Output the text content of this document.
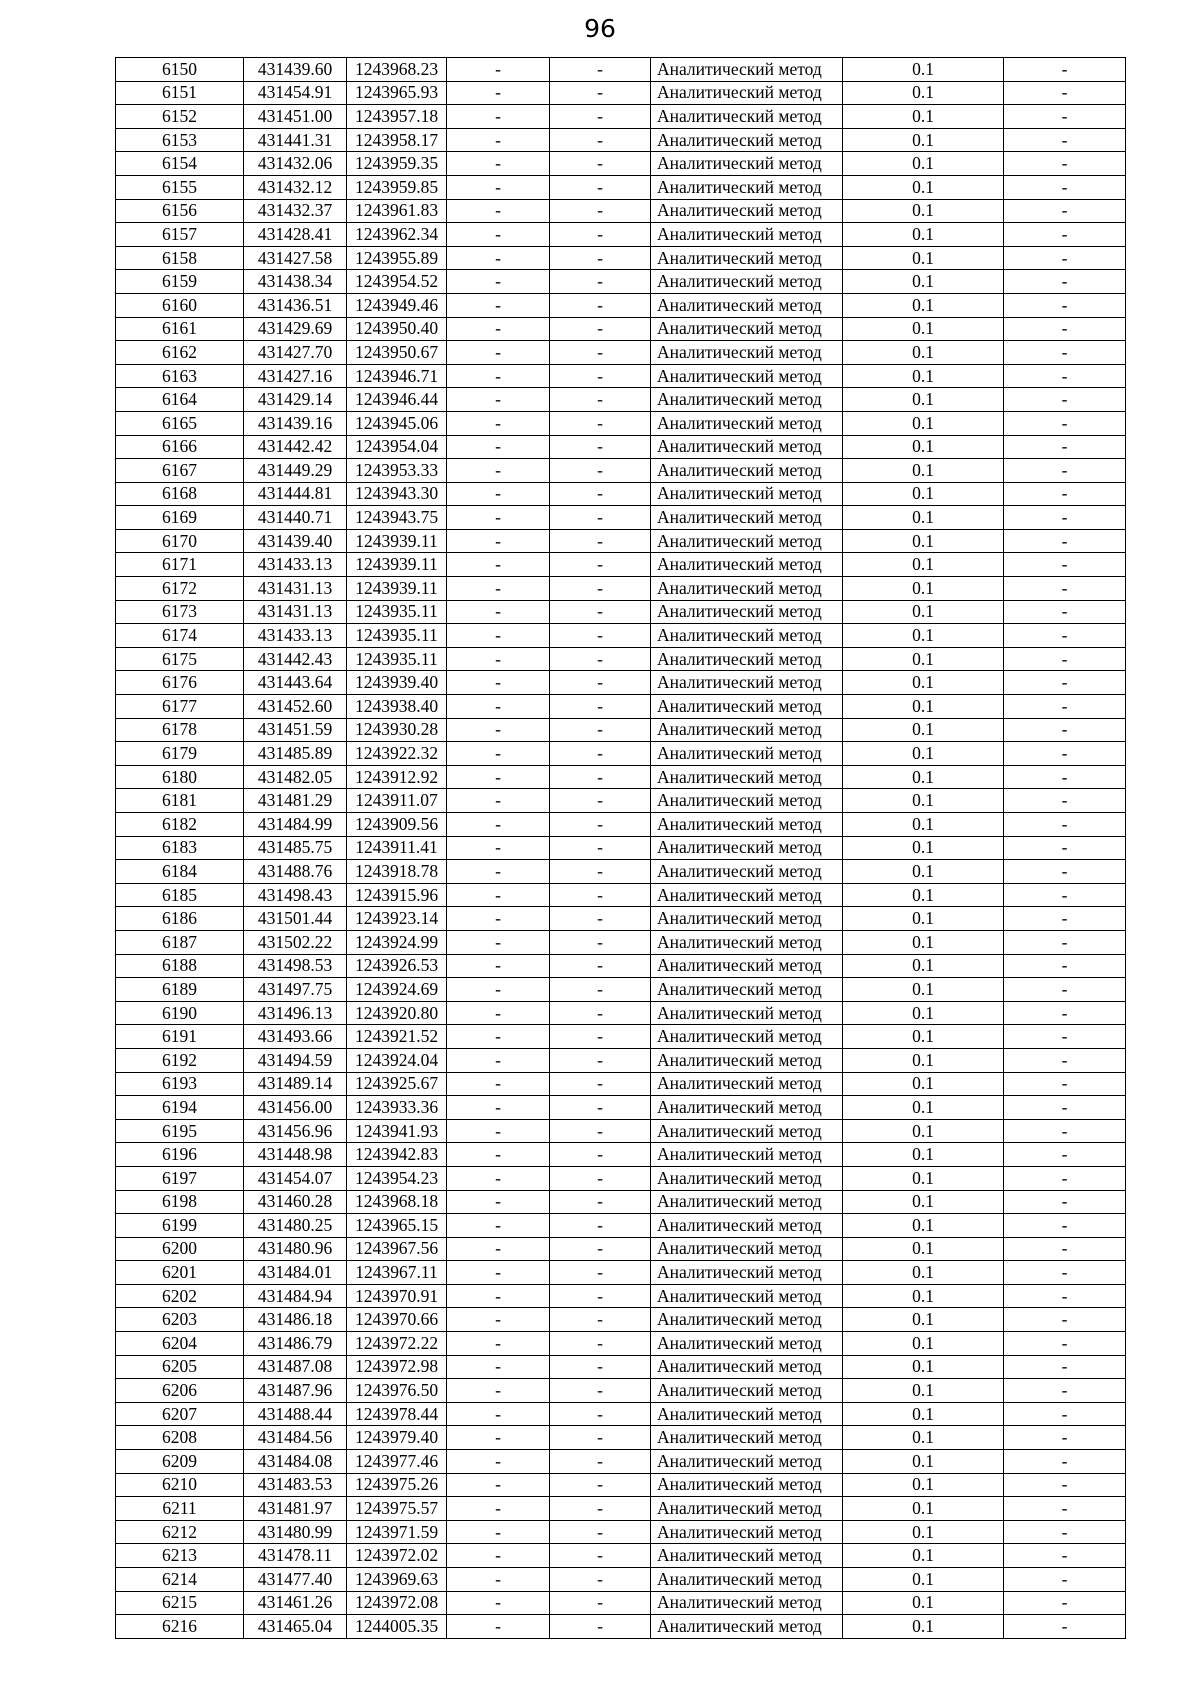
96
6150	431439.60	1243968.23	-	-	Аналитический метод	0.1	-
6151	431454.91	1243965.93	-	-	Аналитический метод	0.1	-
6152	431451.00	1243957.18	-	-	Аналитический метод	0.1	-
6153	431441.31	1243958.17	-	-	Аналитический метод	0.1	-
6154	431432.06	1243959.35	-	-	Аналитический метод	0.1	-
6155	431432.12	1243959.85	-	-	Аналитический метод	0.1	-
6156	431432.37	1243961.83	-	-	Аналитический метод	0.1	-
6157	431428.41	1243962.34	-	-	Аналитический метод	0.1	-
6158	431427.58	1243955.89	-	-	Аналитический метод	0.1	-
6159	431438.34	1243954.52	-	-	Аналитический метод	0.1	-
6160	431436.51	1243949.46	-	-	Аналитический метод	0.1	-
6161	431429.69	1243950.40	-	-	Аналитический метод	0.1	-
6162	431427.70	1243950.67	-	-	Аналитический метод	0.1	-
6163	431427.16	1243946.71	-	-	Аналитический метод	0.1	-
6164	431429.14	1243946.44	-	-	Аналитический метод	0.1	-
6165	431439.16	1243945.06	-	-	Аналитический метод	0.1	-
6166	431442.42	1243954.04	-	-	Аналитический метод	0.1	-
6167	431449.29	1243953.33	-	-	Аналитический метод	0.1	-
6168	431444.81	1243943.30	-	-	Аналитический метод	0.1	-
6169	431440.71	1243943.75	-	-	Аналитический метод	0.1	-
6170	431439.40	1243939.11	-	-	Аналитический метод	0.1	-
6171	431433.13	1243939.11	-	-	Аналитический метод	0.1	-
6172	431431.13	1243939.11	-	-	Аналитический метод	0.1	-
6173	431431.13	1243935.11	-	-	Аналитический метод	0.1	-
6174	431433.13	1243935.11	-	-	Аналитический метод	0.1	-
6175	431442.43	1243935.11	-	-	Аналитический метод	0.1	-
6176	431443.64	1243939.40	-	-	Аналитический метод	0.1	-
6177	431452.60	1243938.40	-	-	Аналитический метод	0.1	-
6178	431451.59	1243930.28	-	-	Аналитический метод	0.1	-
6179	431485.89	1243922.32	-	-	Аналитический метод	0.1	-
6180	431482.05	1243912.92	-	-	Аналитический метод	0.1	-
6181	431481.29	1243911.07	-	-	Аналитический метод	0.1	-
6182	431484.99	1243909.56	-	-	Аналитический метод	0.1	-
6183	431485.75	1243911.41	-	-	Аналитический метод	0.1	-
6184	431488.76	1243918.78	-	-	Аналитический метод	0.1	-
6185	431498.43	1243915.96	-	-	Аналитический метод	0.1	-
6186	431501.44	1243923.14	-	-	Аналитический метод	0.1	-
6187	431502.22	1243924.99	-	-	Аналитический метод	0.1	-
6188	431498.53	1243926.53	-	-	Аналитический метод	0.1	-
6189	431497.75	1243924.69	-	-	Аналитический метод	0.1	-
6190	431496.13	1243920.80	-	-	Аналитический метод	0.1	-
6191	431493.66	1243921.52	-	-	Аналитический метод	0.1	-
6192	431494.59	1243924.04	-	-	Аналитический метод	0.1	-
6193	431489.14	1243925.67	-	-	Аналитический метод	0.1	-
6194	431456.00	1243933.36	-	-	Аналитический метод	0.1	-
6195	431456.96	1243941.93	-	-	Аналитический метод	0.1	-
6196	431448.98	1243942.83	-	-	Аналитический метод	0.1	-
6197	431454.07	1243954.23	-	-	Аналитический метод	0.1	-
6198	431460.28	1243968.18	-	-	Аналитический метод	0.1	-
6199	431480.25	1243965.15	-	-	Аналитический метод	0.1	-
6200	431480.96	1243967.56	-	-	Аналитический метод	0.1	-
6201	431484.01	1243967.11	-	-	Аналитический метод	0.1	-
6202	431484.94	1243970.91	-	-	Аналитический метод	0.1	-
6203	431486.18	1243970.66	-	-	Аналитический метод	0.1	-
6204	431486.79	1243972.22	-	-	Аналитический метод	0.1	-
6205	431487.08	1243972.98	-	-	Аналитический метод	0.1	-
6206	431487.96	1243976.50	-	-	Аналитический метод	0.1	-
6207	431488.44	1243978.44	-	-	Аналитический метод	0.1	-
6208	431484.56	1243979.40	-	-	Аналитический метод	0.1	-
6209	431484.08	1243977.46	-	-	Аналитический метод	0.1	-
6210	431483.53	1243975.26	-	-	Аналитический метод	0.1	-
6211	431481.97	1243975.57	-	-	Аналитический метод	0.1	-
6212	431480.99	1243971.59	-	-	Аналитический метод	0.1	-
6213	431478.11	1243972.02	-	-	Аналитический метод	0.1	-
6214	431477.40	1243969.63	-	-	Аналитический метод	0.1	-
6215	431461.26	1243972.08	-	-	Аналитический метод	0.1	-
6216	431465.04	1244005.35	-	-	Аналитический метод	0.1	-
